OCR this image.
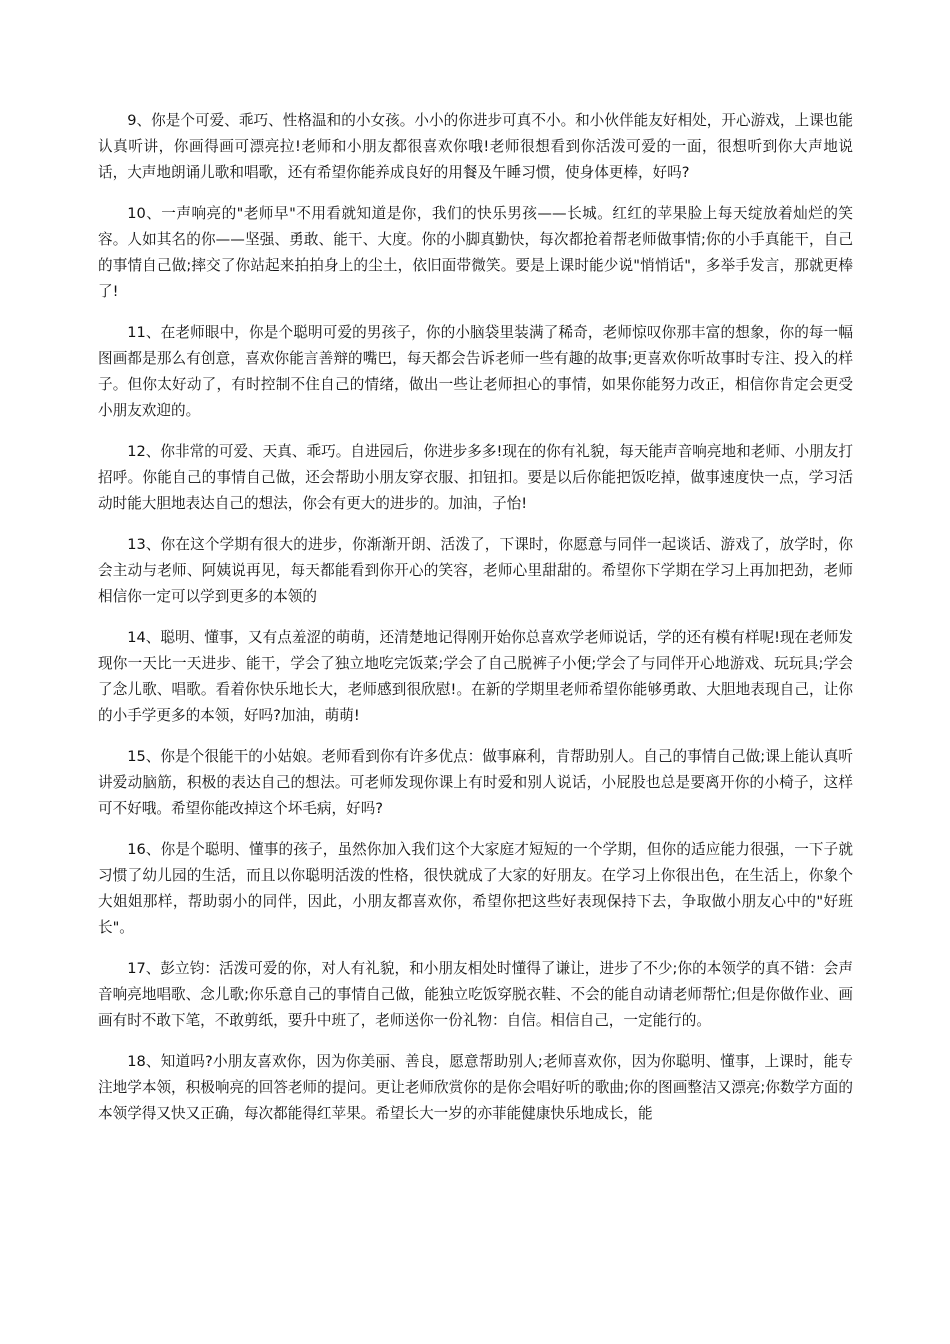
9、你是个可爱、乖巧、性格温和的小女孩。小小的你进步可真不小。和小伙伴能友好相处，开心游戏，上课也能认真听讲，你画得画可漂亮拉!老师和小朋友都很喜欢你哦!老师很想看到你活泼可爱的一面，很想听到你大声地说话，大声地朗诵儿歌和唱歌，还有希望你能养成良好的用餐及午睡习惯，使身体更棒，好吗?

10、一声响亮的"老师早"不用看就知道是你，我们的快乐男孩——长城。红红的苹果脸上每天绽放着灿烂的笑容。人如其名的你——坚强、勇敢、能干、大度。你的小脚真勤快，每次都抢着帮老师做事情;你的小手真能干，自己的事情自己做;摔交了你站起来拍拍身上的尘土，依旧面带微笑。要是上课时能少说"悄悄话"，多举手发言，那就更棒了!

11、在老师眼中，你是个聪明可爱的男孩子，你的小脑袋里装满了稀奇，老师惊叹你那丰富的想象，你的每一幅图画都是那么有创意，喜欢你能言善辩的嘴巴，每天都会告诉老师一些有趣的故事;更喜欢你听故事时专注、投入的样子。但你太好动了，有时控制不住自己的情绪，做出一些让老师担心的事情，如果你能努力改正，相信你肯定会更受小朋友欢迎的。

12、你非常的可爱、天真、乖巧。自进园后，你进步多多!现在的你有礼貌，每天能声音响亮地和老师、小朋友打招呼。你能自己的事情自己做，还会帮助小朋友穿衣服、扣钮扣。要是以后你能把饭吃掉，做事速度快一点，学习活动时能大胆地表达自己的想法，你会有更大的进步的。加油，子怡!

13、你在这个学期有很大的进步，你渐渐开朗、活泼了，下课时，你愿意与同伴一起谈话、游戏了，放学时，你会主动与老师、阿姨说再见，每天都能看到你开心的笑容，老师心里甜甜的。希望你下学期在学习上再加把劲，老师相信你一定可以学到更多的本领的

14、聪明、懂事，又有点羞涩的萌萌，还清楚地记得刚开始你总喜欢学老师说话，学的还有模有样呢!现在老师发现你一天比一天进步、能干，学会了独立地吃完饭菜;学会了自己脱裤子小便;学会了与同伴开心地游戏、玩玩具;学会了念儿歌、唱歌。看着你快乐地长大，老师感到很欣慰!。在新的学期里老师希望你能够勇敢、大胆地表现自己，让你的小手学更多的本领，好吗?加油，萌萌!

15、你是个很能干的小姑娘。老师看到你有许多优点：做事麻利，肯帮助别人。自己的事情自己做;课上能认真听讲爱动脑筋，积极的表达自己的想法。可老师发现你课上有时爱和别人说话，小屁股也总是要离开你的小椅子，这样可不好哦。希望你能改掉这个坏毛病，好吗?

16、你是个聪明、懂事的孩子，虽然你加入我们这个大家庭才短短的一个学期，但你的适应能力很强，一下子就习惯了幼儿园的生活，而且以你聪明活泼的性格，很快就成了大家的好朋友。在学习上你很出色，在生活上，你象个大姐姐那样，帮助弱小的同伴，因此，小朋友都喜欢你，希望你把这些好表现保持下去，争取做小朋友心中的"好班长"。

17、彭立钧：活泼可爱的你，对人有礼貌，和小朋友相处时懂得了谦让，进步了不少;你的本领学的真不错：会声音响亮地唱歌、念儿歌;你乐意自己的事情自己做，能独立吃饭穿脱衣鞋、不会的能自动请老师帮忙;但是你做作业、画画有时不敢下笔，不敢剪纸，要升中班了，老师送你一份礼物：自信。相信自己，一定能行的。

18、知道吗?小朋友喜欢你，因为你美丽、善良，愿意帮助别人;老师喜欢你，因为你聪明、懂事，上课时，能专注地学本领，积极响亮的回答老师的提问。更让老师欣赏你的是你会唱好听的歌曲;你的图画整洁又漂亮;你数学方面的本领学得又快又正确，每次都能得红苹果。希望长大一岁的亦菲能健康快乐地成长，能
